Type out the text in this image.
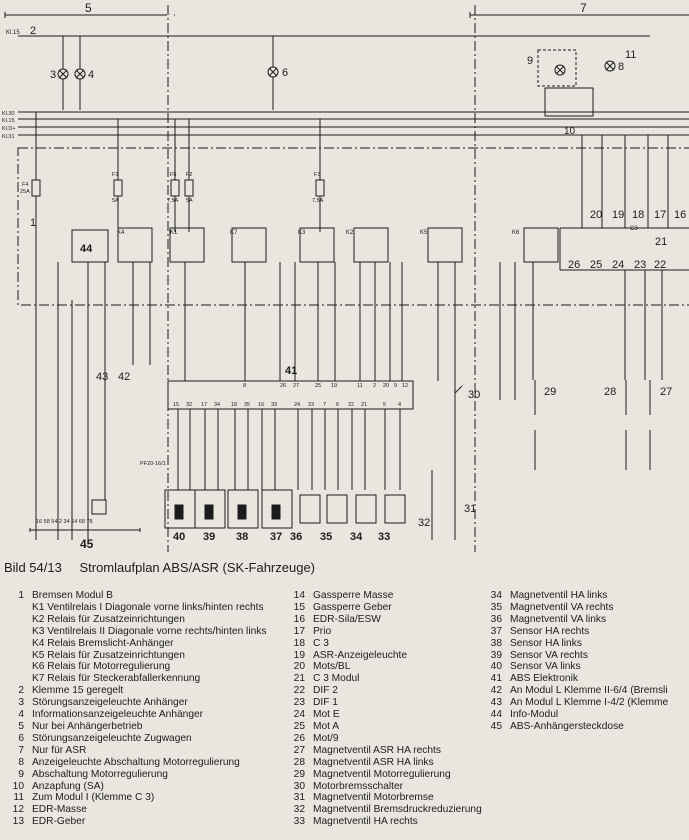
5	7
Kl.15 2
Kl.30
Kl.15
Kl.D+
Kl.31
3	4	6
9	8
11
10
F4
25A
F1
5A
F5
7,5A
F2
5A
F3
7,5A
K4	K1	K7	K3	K2	K5	K6
44
1
20 19 18 17 16
21
C3
26 25 24 23 22
41
8	26 27	25 19	11 2 20 9 12
15 32 17 34 18 35 16 33	24 23 7 6 22 21	5 4
29	28	27
30
31
32
43 42
40 39 38 37 36 35 34 33
16 58 54 2 34 64 68 78
45
PF20-16/1
Bild 54/13 Stromlaufplan ABS/ASR (SK-Fahrzeuge)
1 Bremsen Modul B
K1 Ventilrelais I Diagonale vorne links/hinten rechts
K2 Relais für Zusatzeinrichtungen
K3 Ventilrelais II Diagonale vorne rechts/hinten links
K4 Relais Bremslicht-Anhänger
K5 Relais für Zusatzeinrichtungen
K6 Relais für Motorregulierung
K7 Relais für Steckerabfallerkennung
2 Klemme 15 geregelt
3 Störungsanzeigeleuchte Anhänger
4 Informationsanzeigeleuchte Anhänger
5 Nur bei Anhängerbetrieb
6 Störungsanzeigeleuchte Zugwagen
7 Nur für ASR
8 Anzeigeleuchte Abschaltung Motorregulierung
9 Abschaltung Motorregulierung
10 Anzapfung (SA)
11 Zum Modul I (Klemme C 3)
12 EDR-Masse
13 EDR-Geber
14 Gassperre Masse
15 Gassperre Geber
16 EDR-Sila/ESW
17 Prio
18 C 3
19 ASR-Anzeigeleuchte
20 Mots/BL
21 C 3 Modul
22 DIF 2
23 DIF 1
24 Mot E
25 Mot A
26 Mot/9
27 Magnetventil ASR HA rechts
28 Magnetventil ASR HA links
29 Magnetventil Motorregulierung
30 Motorbremsschalter
31 Magnetventil Motorbremse
32 Magnetventil Bremsdruckreduzierung
33 Magnetventil HA rechts
34 Magnetventil HA links
35 Magnetventil VA rechts
36 Magnetventil VA links
37 Sensor HA rechts
38 Sensor HA links
39 Sensor VA rechts
40 Sensor VA links
41 ABS Elektronik
42 An Modul L Klemme II-6/4 (Bremsli
43 An Modul L Klemme I-4/2 (Klemme
44 Info-Modul
45 ABS-Anhängersteckdose
